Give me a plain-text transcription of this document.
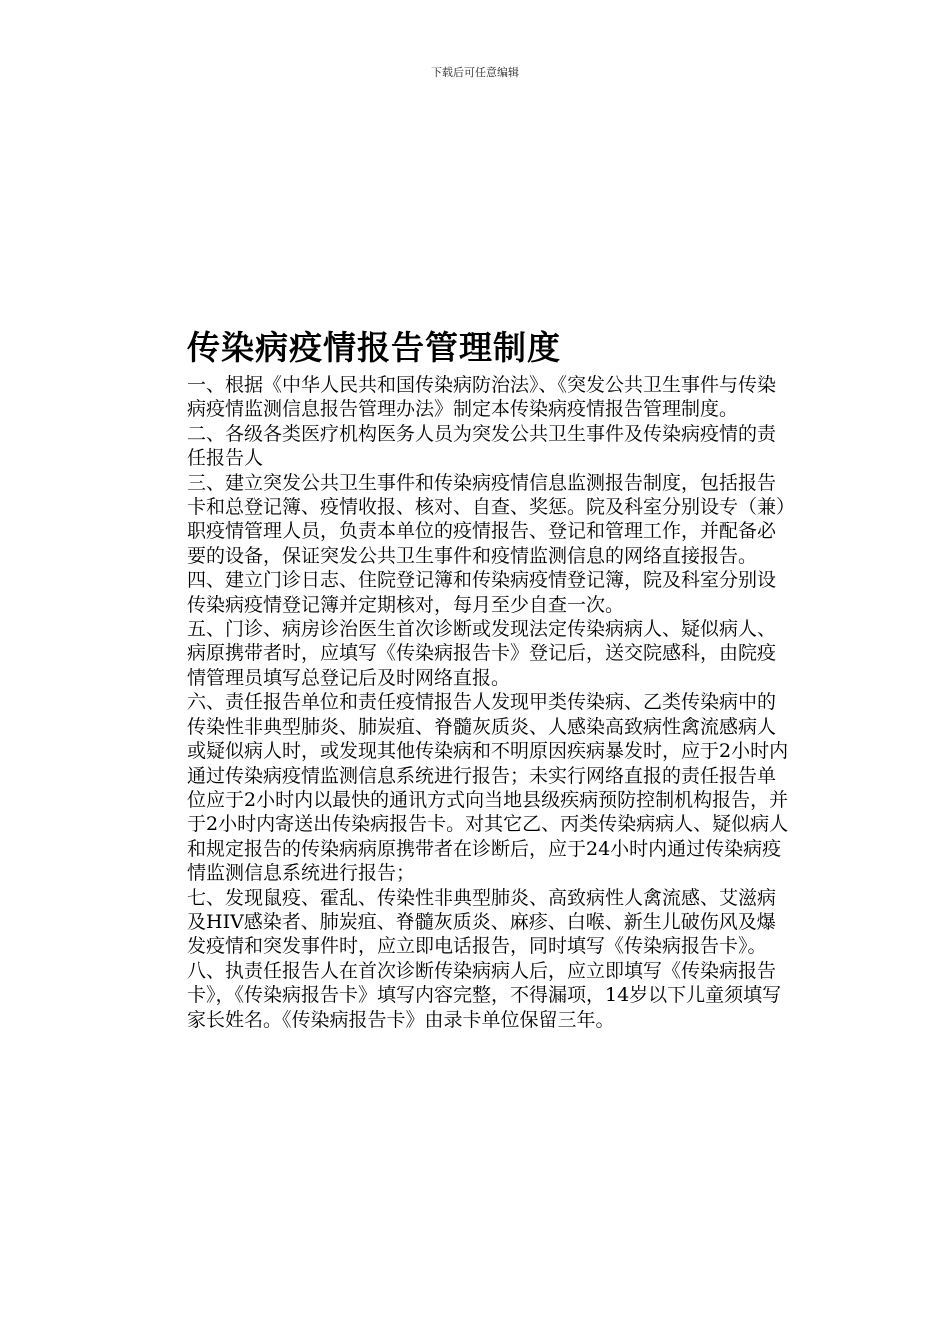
下载后可任意编辑
传染病疫情报告管理制度

一、根据《中华人民共和国传染病防治法》、《突发公共卫生事件与传染病疫情监测信息报告管理办法》制定本传染病疫情报告管理制度。

二、各级各类医疗机构医务人员为突发公共卫生事件及传染病疫情的责任报告人

三、建立突发公共卫生事件和传染病疫情信息监测报告制度，包括报告卡和总登记簿、疫情收报、核对、自查、奖惩。院及科室分别设专（兼）职疫情管理人员，负责本单位的疫情报告、登记和管理工作，并配备必要的设备，保证突发公共卫生事件和疫情监测信息的网络直接报告。

四、建立门诊日志、住院登记簿和传染病疫情登记簿，院及科室分别设传染病疫情登记簿并定期核对，每月至少自查一次。

五、门诊、病房诊治医生首次诊断或发现法定传染病病人、疑似病人、病原携带者时，应填写《传染病报告卡》登记后，送交院感科，由院疫情管理员填写总登记后及时网络直报。

六、责任报告单位和责任疫情报告人发现甲类传染病、乙类传染病中的传染性非典型肺炎、肺炭疽、脊髓灰质炎、人感染高致病性禽流感病人或疑似病人时，或发现其他传染病和不明原因疾病暴发时，应于2小时内通过传染病疫情监测信息系统进行报告；未实行网络直报的责任报告单位应于2小时内以最快的通讯方式向当地县级疾病预防控制机构报告，并于2小时内寄送出传染病报告卡。对其它乙、丙类传染病病人、疑似病人和规定报告的传染病病原携带者在诊断后，应于24小时内通过传染病疫情监测信息系统进行报告；

七、发现鼠疫、霍乱、传染性非典型肺炎、高致病性人禽流感、艾滋病及HIV感染者、肺炭疽、脊髓灰质炎、麻疹、白喉、新生儿破伤风及爆发疫情和突发事件时，应立即电话报告，同时填写《传染病报告卡》。

八、执责任报告人在首次诊断传染病病人后，应立即填写《传染病报告卡》，《传染病报告卡》填写内容完整，不得漏项，14岁以下儿童须填写家长姓名。《传染病报告卡》由录卡单位保留三年。
